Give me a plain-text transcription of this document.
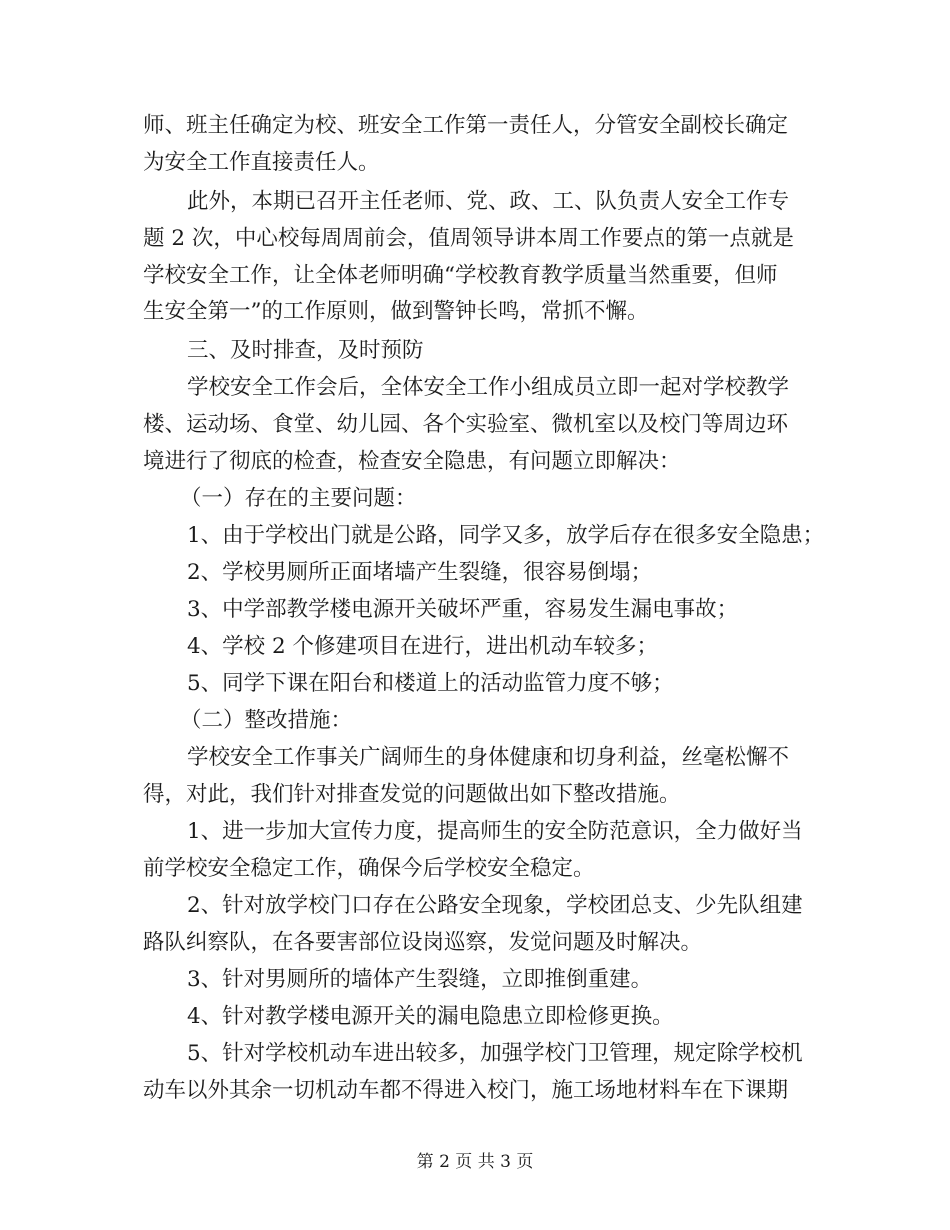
师、班主任确定为校、班安全工作第一责任人，分管安全副校长确定
为安全工作直接责任人。
此外，本期已召开主任老师、党、政、工、队负责人安全工作专
题 2 次，中心校每周周前会，值周领导讲本周工作要点的第一点就是
学校安全工作，让全体老师明确“学校教育教学质量当然重要，但师
生安全第一”的工作原则，做到警钟长鸣，常抓不懈。
三、及时排查，及时预防
学校安全工作会后，全体安全工作小组成员立即一起对学校教学
楼、运动场、食堂、幼儿园、各个实验室、微机室以及校门等周边环
境进行了彻底的检查，检查安全隐患，有问题立即解决：
（一）存在的主要问题：
1、由于学校出门就是公路，同学又多，放学后存在很多安全隐患；
2、学校男厕所正面堵墙产生裂缝，很容易倒塌；
3、中学部教学楼电源开关破坏严重，容易发生漏电事故；
4、学校 2 个修建项目在进行，进出机动车较多；
5、同学下课在阳台和楼道上的活动监管力度不够；
（二）整改措施：
学校安全工作事关广阔师生的身体健康和切身利益，丝毫松懈不
得，对此，我们针对排查发觉的问题做出如下整改措施。
1、进一步加大宣传力度，提高师生的安全防范意识，全力做好当
前学校安全稳定工作，确保今后学校安全稳定。
2、针对放学校门口存在公路安全现象，学校团总支、少先队组建
路队纠察队，在各要害部位设岗巡察，发觉问题及时解决。
3、针对男厕所的墙体产生裂缝，立即推倒重建。
4、针对教学楼电源开关的漏电隐患立即检修更换。
5、针对学校机动车进出较多，加强学校门卫管理，规定除学校机
动车以外其余一切机动车都不得进入校门，施工场地材料车在下课期
第 2 页 共 3 页
